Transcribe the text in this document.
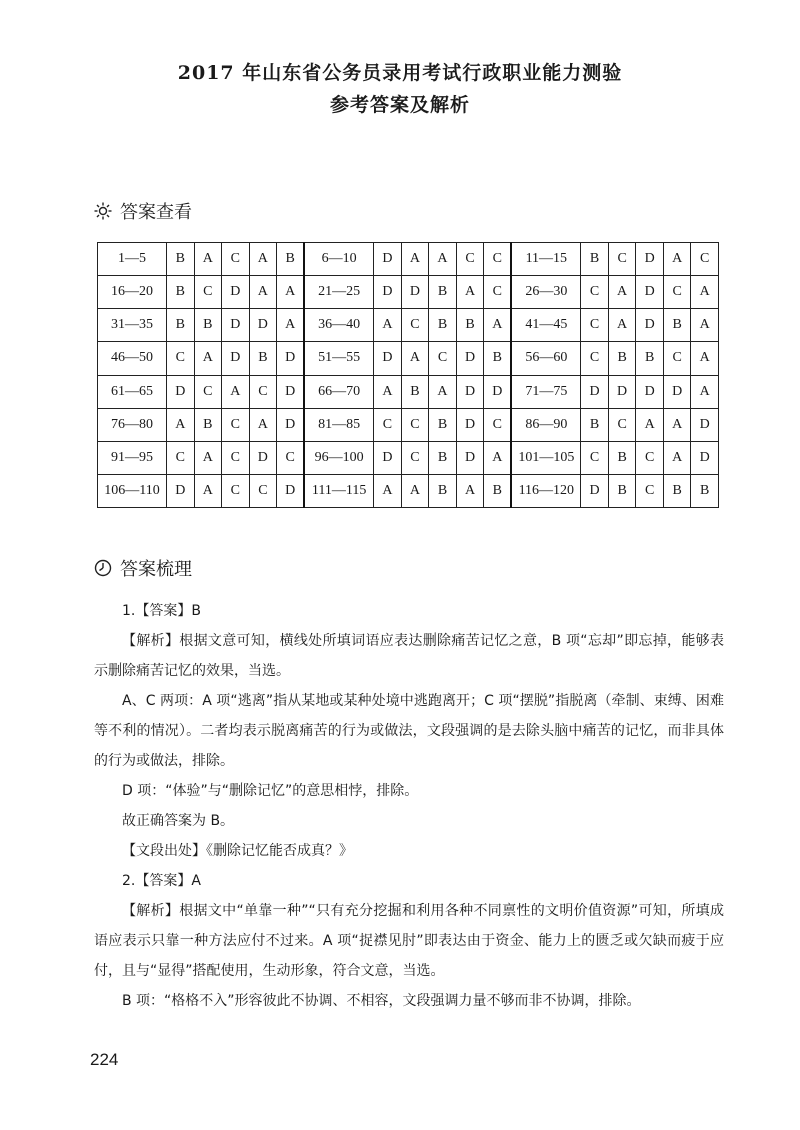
2017 年山东省公务员录用考试行政职业能力测验
参考答案及解析
答案查看
1—5	B	A	C	A	B	6—10	D	A	A	C	C	11—15	B	C	D	A	C
16—20	B	C	D	A	A	21—25	D	D	B	A	C	26—30	C	A	D	C	A
31—35	B	B	D	D	A	36—40	A	C	B	B	A	41—45	C	A	D	B	A
46—50	C	A	D	B	D	51—55	D	A	C	D	B	56—60	C	B	B	C	A
61—65	D	C	A	C	D	66—70	A	B	A	D	D	71—75	D	D	D	D	A
76—80	A	B	C	A	D	81—85	C	C	B	D	C	86—90	B	C	A	A	D
91—95	C	A	C	D	C	96—100	D	C	B	D	A	101—105	C	B	C	A	D
106—110	D	A	C	C	D	111—115	A	A	B	A	B	116—120	D	B	C	B	B
答案梳理

1.【答案】B

【解析】根据文意可知，横线处所填词语应表达删除痛苦记忆之意，B 项“忘却”即忘掉，能够表示删除痛苦记忆的效果，当选。

A、C 两项：A 项“逃离”指从某地或某种处境中逃跑离开；C 项“摆脱”指脱离（牵制、束缚、困难等不利的情况）。二者均表示脱离痛苦的行为或做法，文段强调的是去除头脑中痛苦的记忆，而非具体的行为或做法，排除。

D 项：“体验”与“删除记忆”的意思相悖，排除。

故正确答案为 B。

【文段出处】《删除记忆能否成真？》

2.【答案】A

【解析】根据文中“单靠一种”“只有充分挖掘和利用各种不同禀性的文明价值资源”可知，所填成语应表示只靠一种方法应付不过来。A 项“捉襟见肘”即表达由于资金、能力上的匮乏或欠缺而疲于应付，且与“显得”搭配使用，生动形象，符合文意，当选。

B 项：“格格不入”形容彼此不协调、不相容，文段强调力量不够而非不协调，排除。

224
